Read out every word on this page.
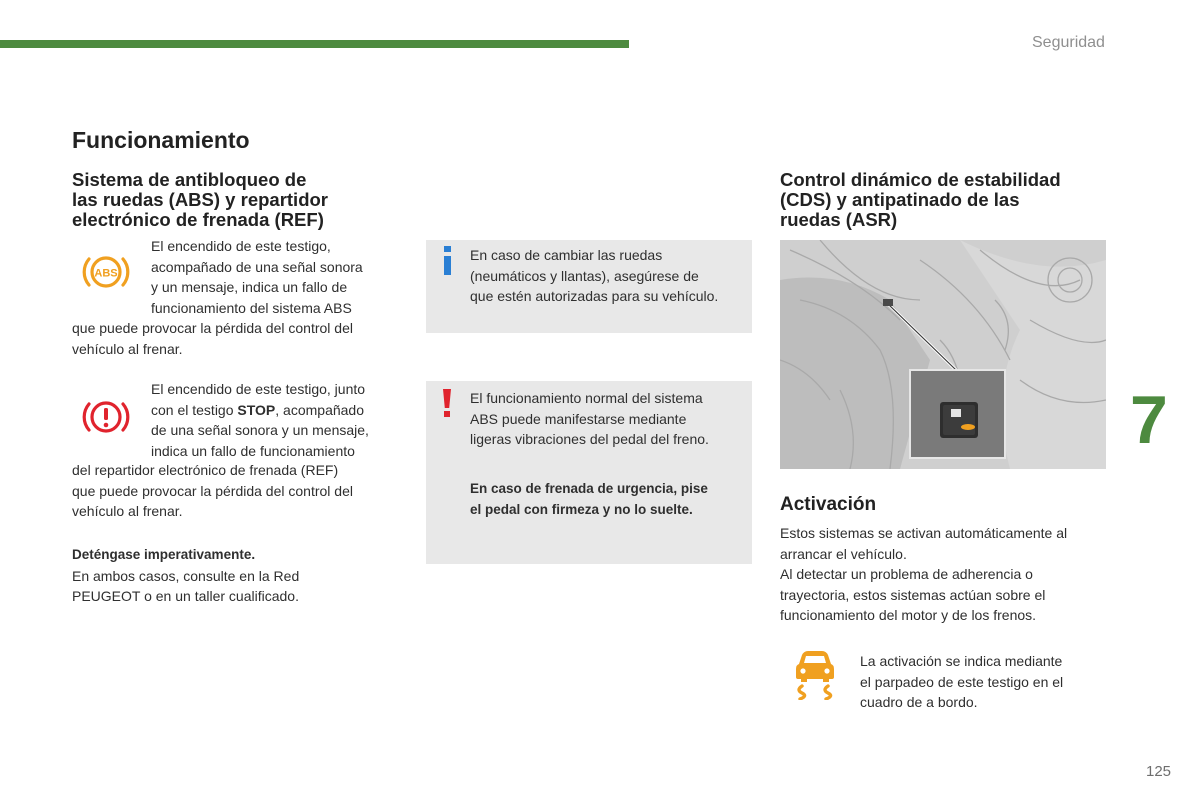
Seguridad
Funcionamiento
Sistema de antibloqueo de
las ruedas (ABS) y repartidor
electrónico de frenada (REF)
ABS
El encendido de este testigo,
acompañado de una señal sonora
y un mensaje, indica un fallo de
funcionamiento del sistema ABS
que puede provocar la pérdida del control del
vehículo al frenar.
El encendido de este testigo, junto
con el testigo STOP, acompañado
de una señal sonora y un mensaje,
indica un fallo de funcionamiento
del repartidor electrónico de frenada (REF)
que puede provocar la pérdida del control del
vehículo al frenar.
Deténgase imperativamente.
En ambos casos, consulte en la Red
PEUGEOT o en un taller cualificado.
En caso de cambiar las ruedas
(neumáticos y llantas), asegúrese de
que estén autorizadas para su vehículo.
El funcionamiento normal del sistema
ABS puede manifestarse mediante
ligeras vibraciones del pedal del freno.
En caso de frenada de urgencia, pise
el pedal con firmeza y no lo suelte.
Control dinámico de estabilidad
(CDS) y antipatinado de las
ruedas (ASR)
Activación
Estos sistemas se activan automáticamente al
arrancar el vehículo.
Al detectar un problema de adherencia o
trayectoria, estos sistemas actúan sobre el
funcionamiento del motor y de los frenos.
La activación se indica mediante
el parpadeo de este testigo en el
cuadro de a bordo.
7
125
